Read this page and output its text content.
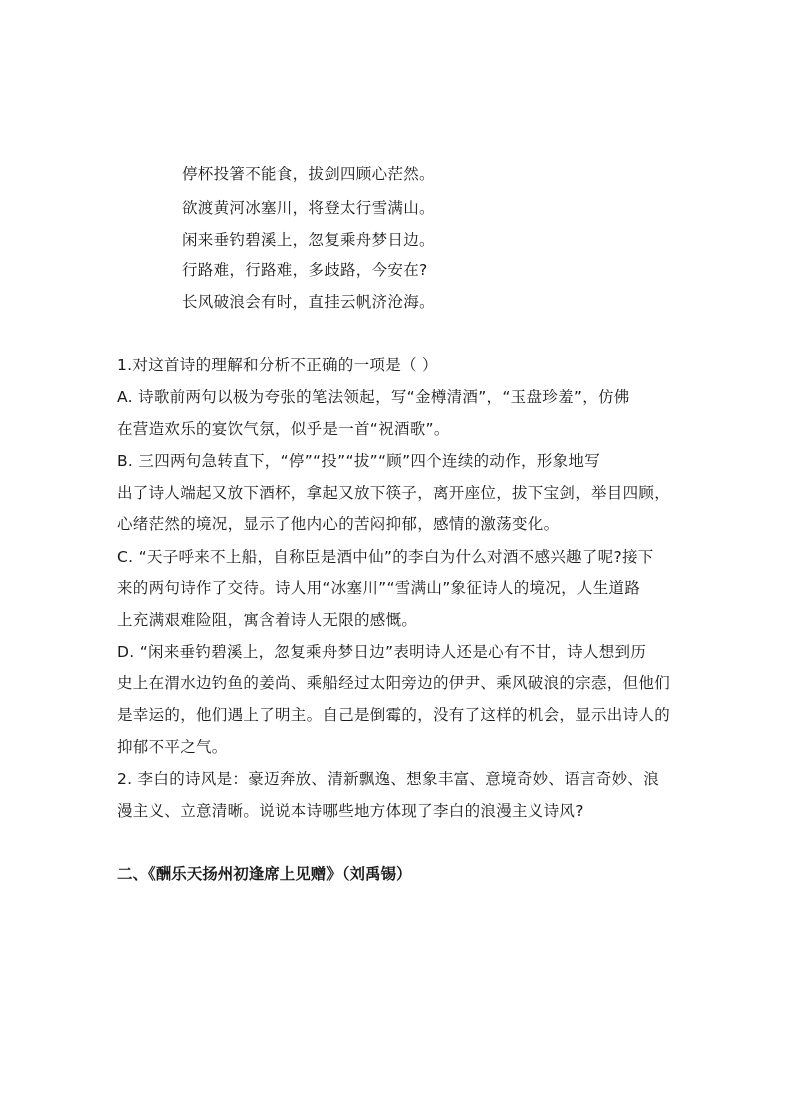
停杯投箸不能食，拔剑四顾心茫然。
欲渡黄河冰塞川，将登太行雪满山。
闲来垂钓碧溪上，忽复乘舟梦日边。
行路难，行路难，多歧路，今安在?
长风破浪会有时，直挂云帆济沧海。
1.对这首诗的理解和分析不正确的一项是（ ）
A. 诗歌前两句以极为夸张的笔法领起，写“金樽清酒”，“玉盘珍羞”，仿佛
在营造欢乐的宴饮气氛，似乎是一首“祝酒歌”。
B. 三四两句急转直下，“停”“投”“拔”“顾”四个连续的动作，形象地写
出了诗人端起又放下酒杯，拿起又放下筷子，离开座位，拔下宝剑，举目四顾，
心绪茫然的境况，显示了他内心的苦闷抑郁，感情的激荡变化。
C. “天子呼来不上船，自称臣是酒中仙”的李白为什么对酒不感兴趣了呢?接下
来的两句诗作了交待。诗人用“冰塞川”“雪满山”象征诗人的境况，人生道路
上充满艰难险阻，寓含着诗人无限的感慨。
D. “闲来垂钓碧溪上，忽复乘舟梦日边”表明诗人还是心有不甘，诗人想到历
史上在渭水边钓鱼的姜尚、乘船经过太阳旁边的伊尹、乘风破浪的宗悫，但他们
是幸运的，他们遇上了明主。自己是倒霉的，没有了这样的机会，显示出诗人的
抑郁不平之气。
2. 李白的诗风是：豪迈奔放、清新飘逸、想象丰富、意境奇妙、语言奇妙、浪
漫主义、立意清晰。说说本诗哪些地方体现了李白的浪漫主义诗风?
二、《酬乐天扬州初逢席上见赠》（刘禹锡）
